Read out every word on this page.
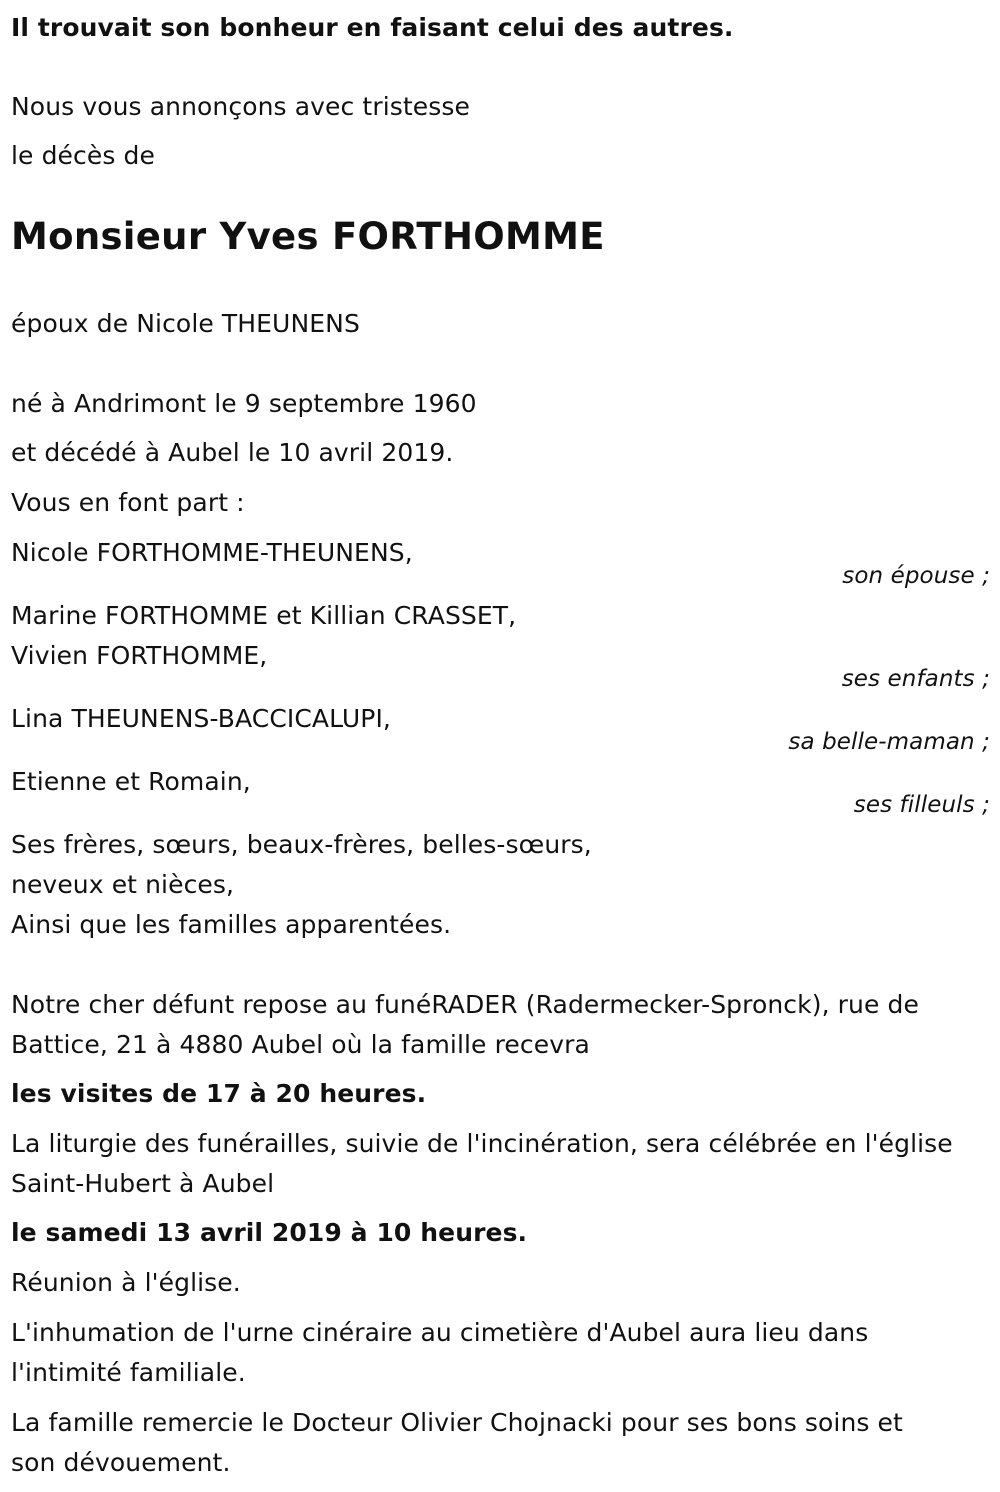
Il trouvait son bonheur en faisant celui des autres.
Nous vous annonçons avec tristesse
le décès de
Monsieur Yves FORTHOMME
époux de Nicole THEUNENS
né à Andrimont le 9 septembre 1960
et décédé à Aubel le 10 avril 2019.
Vous en font part :
Nicole FORTHOMME-THEUNENS,
son épouse ;
Marine FORTHOMME et Killian CRASSET,
Vivien FORTHOMME,
ses enfants ;
Lina THEUNENS-BACCICALUPI,
sa belle-maman ;
Etienne et Romain,
ses filleuls ;
Ses frères, sœurs, beaux-frères, belles-sœurs,
neveux et nièces,
Ainsi que les familles apparentées.
Notre cher défunt repose au funéRADER (Radermecker-Spronck), rue de
Battice, 21 à 4880 Aubel où la famille recevra
les visites de 17 à 20 heures.
La liturgie des funérailles, suivie de l'incinération, sera célébrée en l'église
Saint-Hubert à Aubel
le samedi 13 avril 2019 à 10 heures.
Réunion à l'église.
L'inhumation de l'urne cinéraire au cimetière d'Aubel aura lieu dans
l'intimité familiale.
La famille remercie le Docteur Olivier Chojnacki pour ses bons soins et
son dévouement.
